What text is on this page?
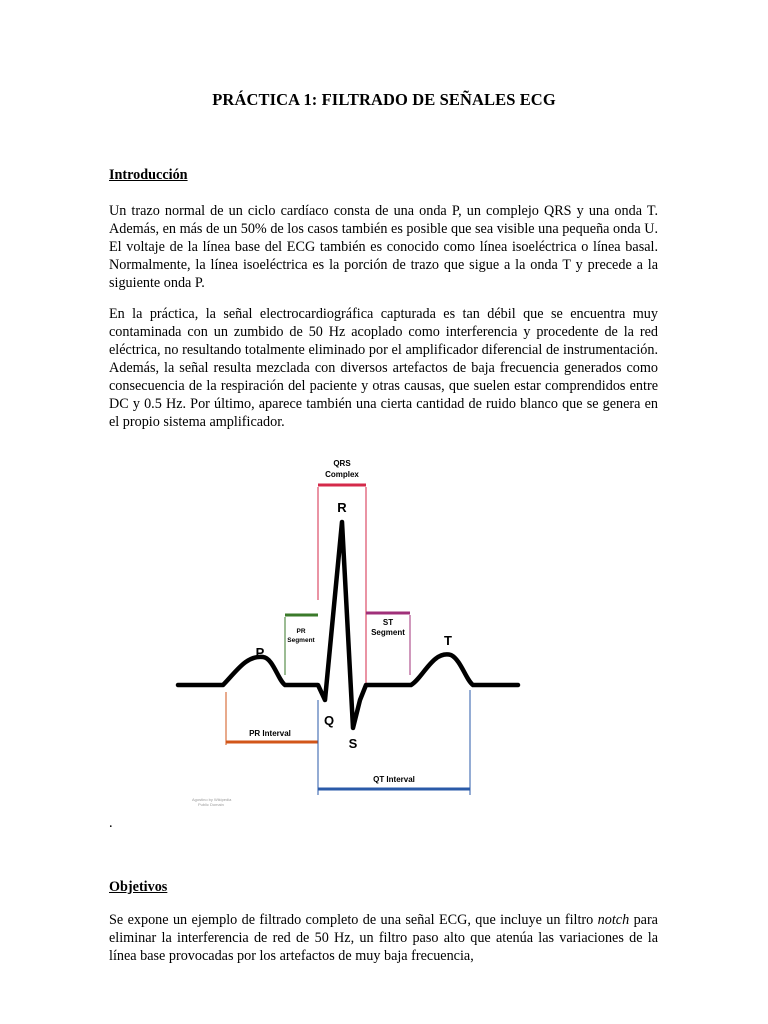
PRÁCTICA 1: FILTRADO DE SEÑALES ECG
Introducción

Un trazo normal de un ciclo cardíaco consta de una onda P, un complejo QRS y una onda T. Además, en más de un 50% de los casos también es posible que sea visible una pequeña onda U. El voltaje de la línea base del ECG también es conocido como línea isoeléctrica o línea basal. Normalmente, la línea isoeléctrica es la porción de trazo que sigue a la onda T y precede a la siguiente onda P.

En la práctica, la señal electrocardiográfica capturada es tan débil que se encuentra muy contaminada con un zumbido de 50 Hz acoplado como interferencia y procedente de la red eléctrica, no resultando totalmente eliminado por el amplificador diferencial de instrumentación. Además, la señal resulta mezclada con diversos artefactos de baja frecuencia generados como consecuencia de la respiración del paciente y otras causas, que suelen estar comprendidos entre DC y 0.5 Hz. Por último, aparece también una cierta cantidad de ruido blanco que se genera en el propio sistema amplificador.

QRS
Complex
R
PR
Segment
ST
Segment
P
T
Q
S
PR Interval
QT Interval
Agostino by Wikipedia
Public Domain
.
Objetivos

Se expone un ejemplo de filtrado completo de una señal ECG, que incluye un filtro notch para eliminar la interferencia de red de 50 Hz, un filtro paso alto que atenúa las variaciones de la línea base provocadas por los artefactos de muy baja frecuencia,
